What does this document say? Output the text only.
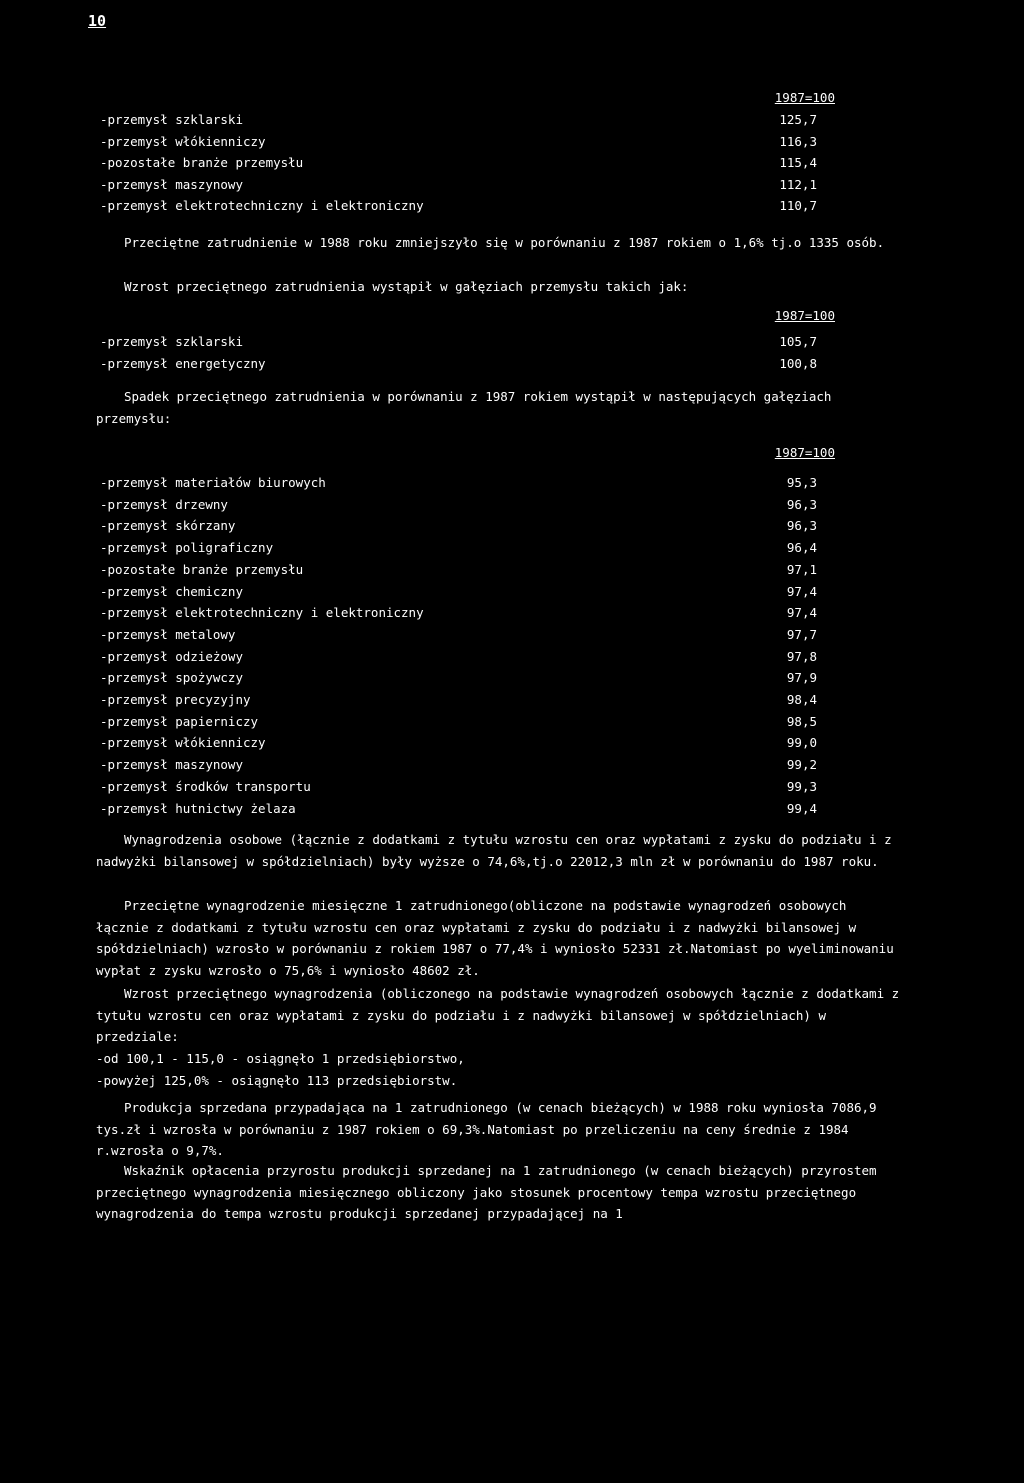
10
1987=100
-przemysł szklarski	125,7
-przemysł włókienniczy	116,3
-pozostałe branże przemysłu	115,4
-przemysł maszynowy	112,1
-przemysł elektrotechniczny i elektroniczny	110,7
Przeciętne zatrudnienie w 1988 roku zmniejszyło się w porównaniu z 1987 rokiem o 1,6% tj.o 1335 osób.
Wzrost przeciętnego zatrudnienia wystąpił w gałęziach przemysłu takich jak:
1987=100
-przemysł szklarski	105,7
-przemysł energetyczny	100,8
Spadek przeciętnego zatrudnienia w porównaniu z 1987 rokiem wystąpił w następujących gałęziach przemysłu:
1987=100
-przemysł materiałów biurowych	95,3
-przemysł drzewny	96,3
-przemysł skórzany	96,3
-przemysł poligraficzny	96,4
-pozostałe branże przemysłu	97,1
-przemysł chemiczny	97,4
-przemysł elektrotechniczny i elektroniczny	97,4
-przemysł metalowy	97,7
-przemysł odzieżowy	97,8
-przemysł spożywczy	97,9
-przemysł precyzyjny	98,4
-przemysł papierniczy	98,5
-przemysł włókienniczy	99,0
-przemysł maszynowy	99,2
-przemysł środków transportu	99,3
-przemysł hutnictwy żelaza	99,4
Wynagrodzenia osobowe (łącznie z dodatkami z tytułu wzrostu cen oraz wypłatami z zysku do podziału i z nadwyżki bilansowej w spółdzielniach) były wyższe o 74,6%,tj.o 22012,3 mln zł w porównaniu do 1987 roku.
Przeciętne wynagrodzenie miesięczne 1 zatrudnionego(obliczone na podstawie wynagrodzeń osobowych łącznie z dodatkami z tytułu wzrostu cen oraz wypłatami z zysku do podziału i z nadwyżki bilansowej w spółdzielniach) wzrosło w porównaniu z rokiem 1987 o 77,4% i wyniosło 52331 zł.Natomiast po wyeliminowaniu wypłat z zysku wzrosło o 75,6% i wyniosło 48602 zł.
Wzrost przeciętnego wynagrodzenia (obliczonego na podstawie wynagrodzeń osobowych łącznie z dodatkami z tytułu wzrostu cen oraz wypłatami z zysku do podziału i z nadwyżki bilansowej w spółdzielniach) w przedziale:
-od 100,1 - 115,0 - osiągnęło 1 przedsiębiorstwo,
-powyżej 125,0% - osiągnęło 113 przedsiębiorstw.
Produkcja sprzedana przypadająca na 1 zatrudnionego (w cenach bieżących) w 1988 roku wyniosła 7086,9 tys.zł i wzrosła w porównaniu z 1987 rokiem o 69,3%.Natomiast po przeliczeniu na ceny średnie z 1984 r.wzrosła o 9,7%.
Wskaźnik opłacenia przyrostu produkcji sprzedanej na 1 zatrudnionego (w cenach bieżących) przyrostem przeciętnego wynagrodzenia miesięcznego obliczony jako stosunek procentowy tempa wzrostu przeciętnego wynagrodzenia do tempa wzrostu produkcji sprzedanej przypadającej na 1
